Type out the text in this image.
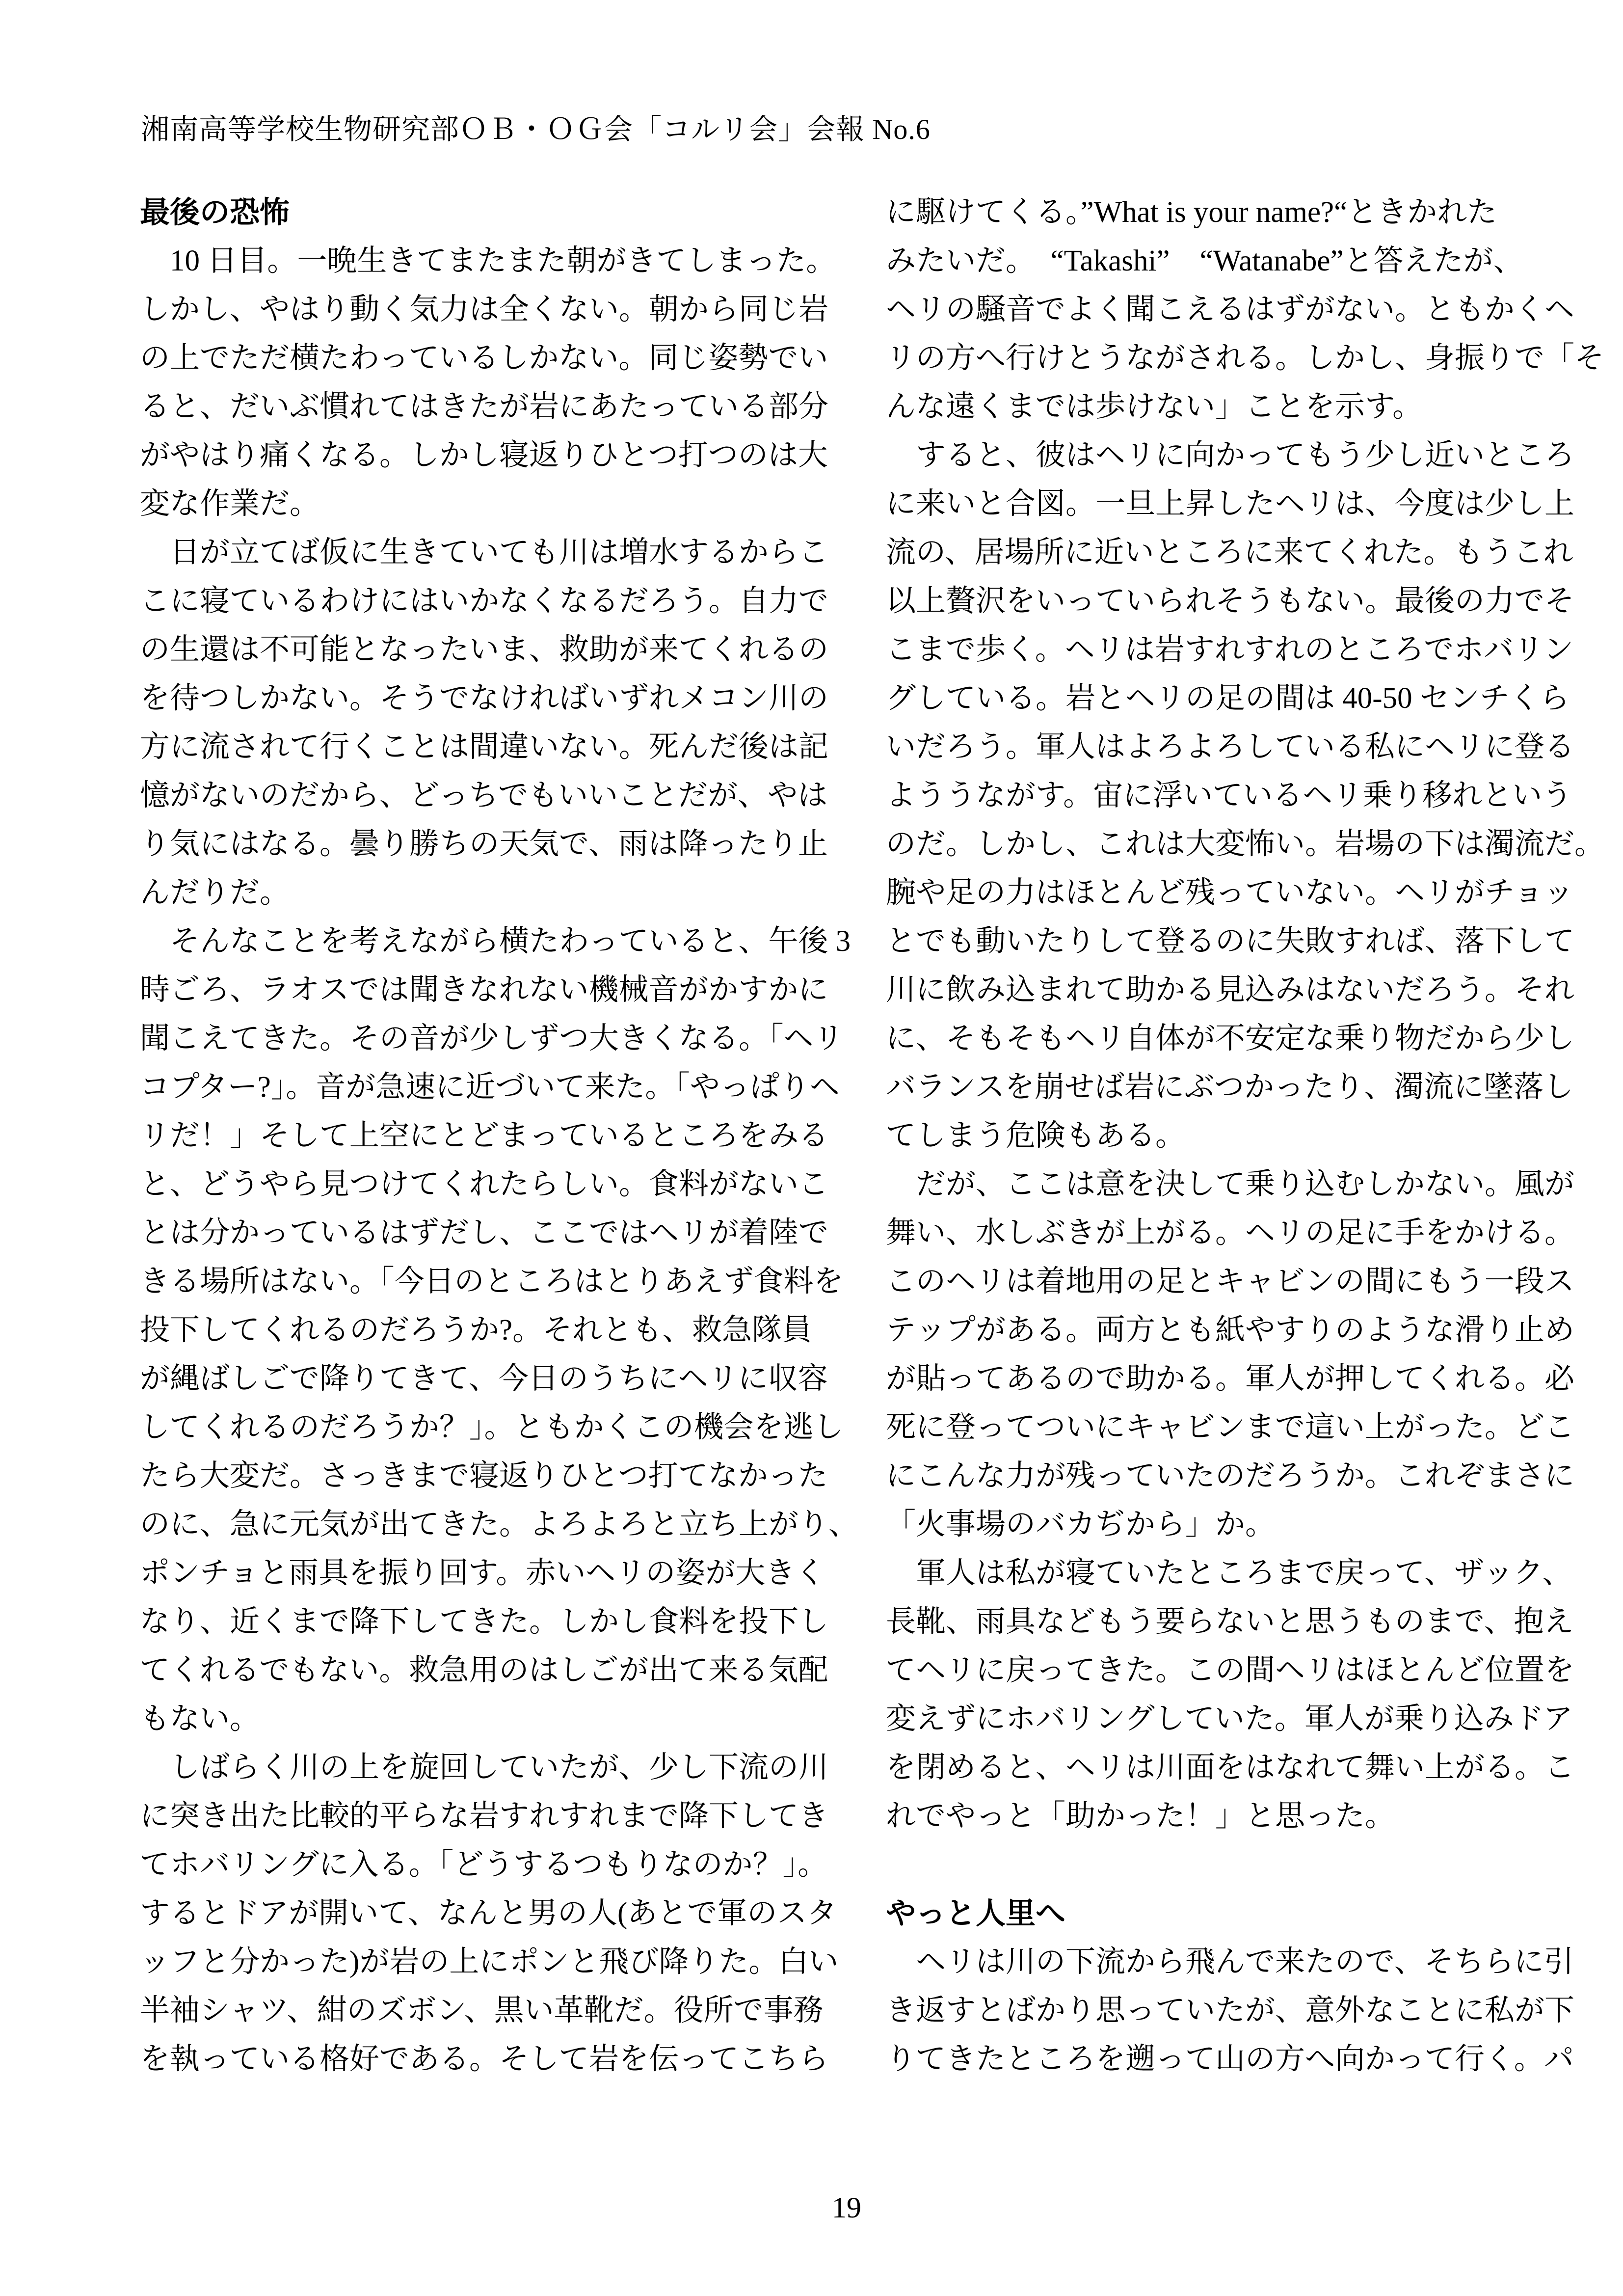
湘南高等学校生物研究部ＯＢ・ＯＧ会「コルリ会」会報 No.6
最後の恐怖
　10 日目。一晩生きてまたまた朝がきてしまった。
しかし、やはり動く気力は全くない。朝から同じ岩
の上でただ横たわっているしかない。同じ姿勢でい
ると、だいぶ慣れてはきたが岩にあたっている部分
がやはり痛くなる。しかし寝返りひとつ打つのは大
変な作業だ。
　日が立てば仮に生きていても川は増水するからこ
こに寝ているわけにはいかなくなるだろう。自力で
の生還は不可能となったいま、救助が来てくれるの
を待つしかない。そうでなければいずれメコン川の
方に流されて行くことは間違いない。死んだ後は記
憶がないのだから、どっちでもいいことだが、やは
り気にはなる。曇り勝ちの天気で、雨は降ったり止
んだりだ。
　そんなことを考えながら横たわっていると、午後 3
時ごろ、ラオスでは聞きなれない機械音がかすかに
聞こえてきた。その音が少しずつ大きくなる。「ヘリ
コプター?」。音が急速に近づいて来た。「やっぱりヘ
リだ！」そして上空にとどまっているところをみる
と、どうやら見つけてくれたらしい。食料がないこ
とは分かっているはずだし、ここではヘリが着陸で
きる場所はない。「今日のところはとりあえず食料を
投下してくれるのだろうか?。それとも、救急隊員
が縄ばしごで降りてきて、今日のうちにヘリに収容
してくれるのだろうか？」。ともかくこの機会を逃し
たら大変だ。さっきまで寝返りひとつ打てなかった
のに、急に元気が出てきた。よろよろと立ち上がり、
ポンチョと雨具を振り回す。赤いヘリの姿が大きく
なり、近くまで降下してきた。しかし食料を投下し
てくれるでもない。救急用のはしごが出て来る気配
もない。
　しばらく川の上を旋回していたが、少し下流の川
に突き出た比較的平らな岩すれすれまで降下してき
てホバリングに入る。「どうするつもりなのか？」。
するとドアが開いて、なんと男の人(あとで軍のスタ
ッフと分かった)が岩の上にポンと飛び降りた。白い
半袖シャツ、紺のズボン、黒い革靴だ。役所で事務
を執っている格好である。そして岩を伝ってこちら
に駆けてくる。”What is your name?“ときかれた
みたいだ。　“Takashi”　“Watanabe”と答えたが、
ヘリの騒音でよく聞こえるはずがない。ともかくヘ
リの方へ行けとうながされる。しかし、身振りで「そ
んな遠くまでは歩けない」ことを示す。
　すると、彼はヘリに向かってもう少し近いところ
に来いと合図。一旦上昇したヘリは、今度は少し上
流の、居場所に近いところに来てくれた。もうこれ
以上贅沢をいっていられそうもない。最後の力でそ
こまで歩く。ヘリは岩すれすれのところでホバリン
グしている。岩とヘリの足の間は 40-50 センチくら
いだろう。軍人はよろよろしている私にヘリに登る
よううながす。宙に浮いているヘリ乗り移れという
のだ。しかし、これは大変怖い。岩場の下は濁流だ。
腕や足の力はほとんど残っていない。ヘリがチョッ
とでも動いたりして登るのに失敗すれば、落下して
川に飲み込まれて助かる見込みはないだろう。それ
に、そもそもヘリ自体が不安定な乗り物だから少し
バランスを崩せば岩にぶつかったり、濁流に墜落し
てしまう危険もある。
　だが、ここは意を決して乗り込むしかない。風が
舞い、水しぶきが上がる。ヘリの足に手をかける。
このヘリは着地用の足とキャビンの間にもう一段ス
テップがある。両方とも紙やすりのような滑り止め
が貼ってあるので助かる。軍人が押してくれる。必
死に登ってついにキャビンまで這い上がった。どこ
にこんな力が残っていたのだろうか。これぞまさに
「火事場のバカぢから」か。
　軍人は私が寝ていたところまで戻って、ザック、
長靴、雨具などもう要らないと思うものまで、抱え
てヘリに戻ってきた。この間ヘリはほとんど位置を
変えずにホバリングしていた。軍人が乗り込みドア
を閉めると、ヘリは川面をはなれて舞い上がる。こ
れでやっと「助かった！」と思った。
やっと人里へ
　ヘリは川の下流から飛んで来たので、そちらに引
き返すとばかり思っていたが、意外なことに私が下
りてきたところを遡って山の方へ向かって行く。パ
19
